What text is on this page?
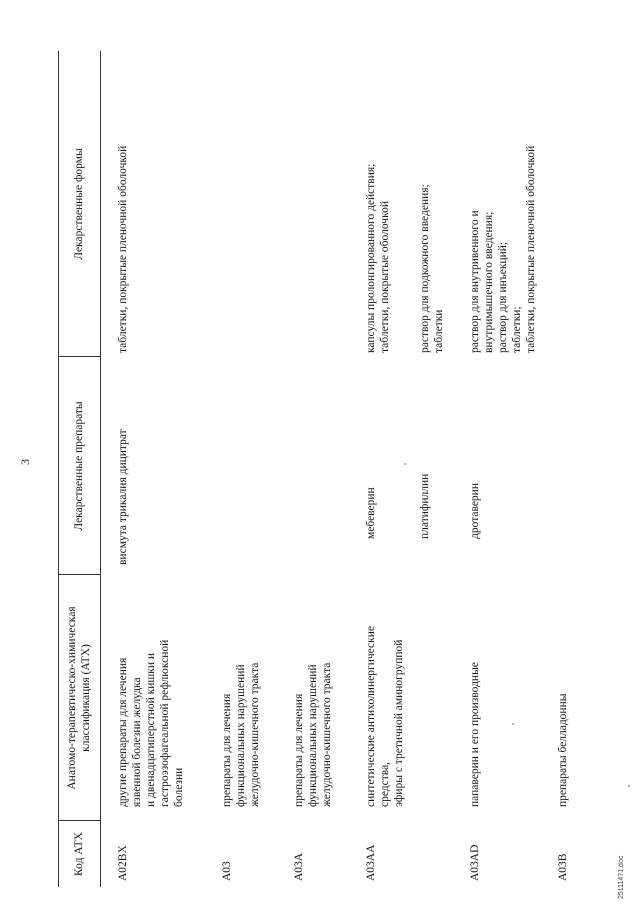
3
Код АТХ
Анатомо-терапевтическо-химическая
классификация (АТХ)
Лекарственные препараты
Лекарственные формы
A02BX
другие препараты для лечения
язвенной болезни желудка
и двенадцатиперстной кишки и
гастроэзофагеальной рефлюксной
болезни
висмута трикалия дицитрат
таблетки, покрытые пленочной оболочкой
A03
препараты для лечения
функциональных нарушений
желудочно-кишечного тракта
A03A
препараты для лечения
функциональных нарушений
желудочно-кишечного тракта
A03AA
синтетические антихолинергические
средства,
эфиры с третичной аминогруппой
мебеверин
капсулы пролонгированного действия;
таблетки, покрытые оболочкой
платифиллин
раствор для подкожного введения;
таблетки
A03AD
папаверин и его производные
дротаверин
раствор для внутривенного и
внутримышечного введения;
раствор для инъекций;
таблетки;
таблетки, покрытые пленочной оболочкой
A03B
препараты белладонны
25111471.doc
